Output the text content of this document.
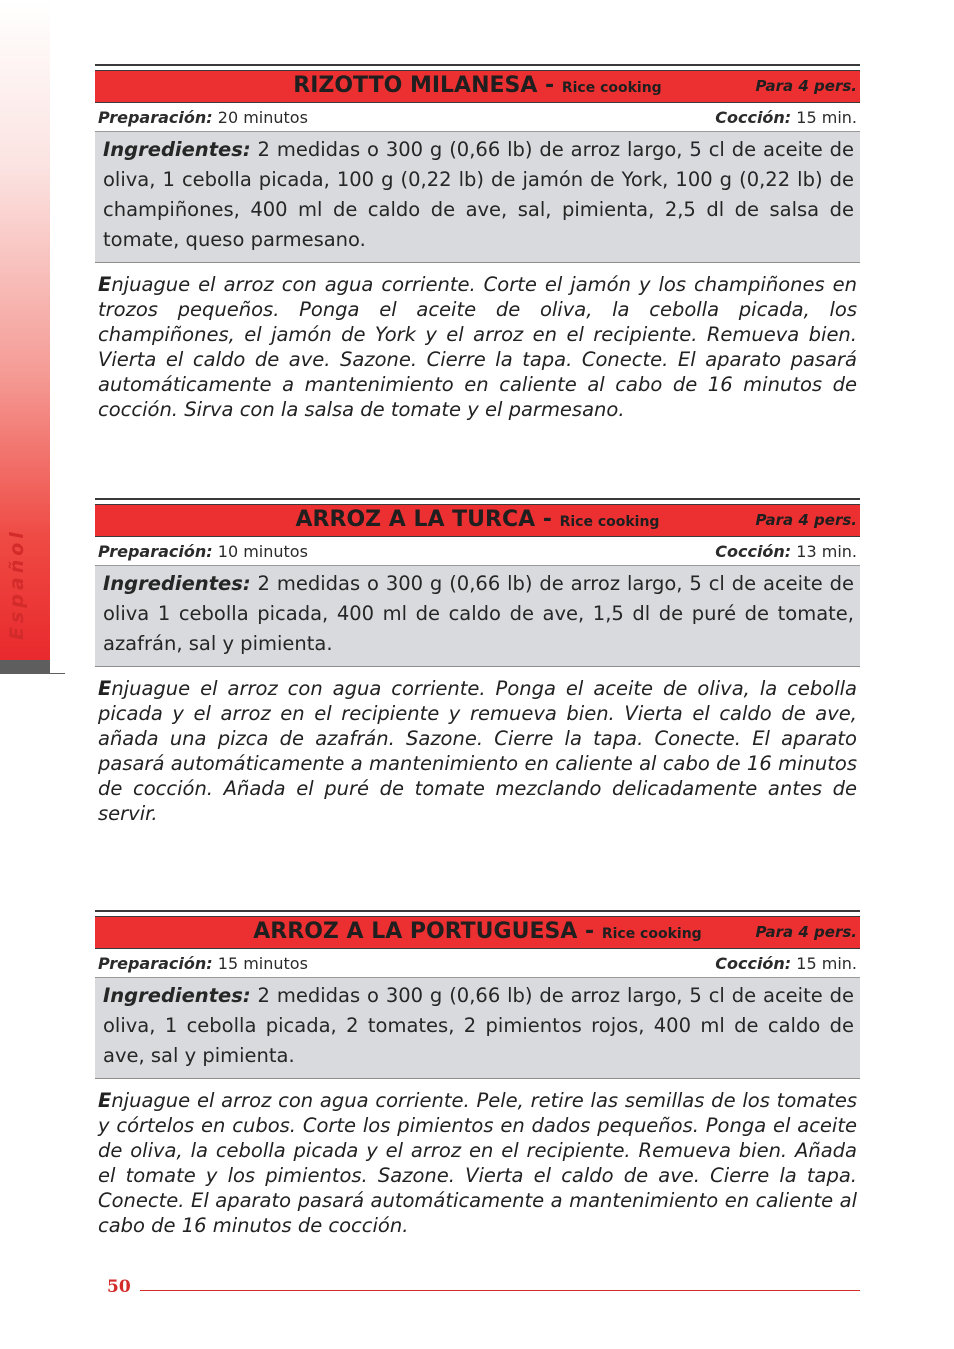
RIZOTTO MILANESA - Rice cooking	Para 4 pers.
Preparación: 20 minutos	Cocción: 15 min.
Ingredientes: 2 medidas o 300 g (0,66 lb) de arroz largo, 5 cl de aceite de oliva, 1 cebolla picada, 100 g (0,22 lb) de jamón de York, 100 g (0,22 lb) de champiñones, 400 ml de caldo de ave, sal, pimienta, 2,5 dl de salsa de tomate, queso parmesano.
Enjuague el arroz con agua corriente. Corte el jamón y los champiñones en trozos pequeños. Ponga el aceite de oliva, la cebolla picada, los champiñones, el jamón de York y el arroz en el recipiente. Remueva bien. Vierta el caldo de ave. Sazone. Cierre la tapa. Conecte. El aparato pasará automáticamente a mantenimiento en caliente al cabo de 16 minutos de cocción. Sirva con la salsa de tomate y el parmesano.
ARROZ A LA TURCA - Rice cooking	Para 4 pers.
Preparación: 10 minutos	Cocción: 13 min.
Ingredientes: 2 medidas o 300 g (0,66 lb) de arroz largo, 5 cl de aceite de oliva 1 cebolla picada, 400 ml de caldo de ave, 1,5 dl de puré de tomate, azafrán, sal y pimienta.
Enjuague el arroz con agua corriente. Ponga el aceite de oliva, la cebolla picada y el arroz en el recipiente y remueva bien. Vierta el caldo de ave, añada una pizca de azafrán. Sazone. Cierre la tapa. Conecte. El aparato pasará automáticamente a mantenimiento en caliente al cabo de 16 minutos de cocción. Añada el puré de tomate mezclando delicadamente antes de servir.
ARROZ A LA PORTUGUESA - Rice cooking	Para 4 pers.
Preparación: 15 minutos	Cocción: 15 min.
Ingredientes: 2 medidas o 300 g (0,66 lb) de arroz largo, 5 cl de aceite de oliva, 1 cebolla picada, 2 tomates, 2 pimientos rojos, 400 ml de caldo de ave, sal y pimienta.
Enjuague el arroz con agua corriente. Pele, retire las semillas de los tomates y córtelos en cubos. Corte los pimientos en dados pequeños. Ponga el aceite de oliva, la cebolla picada y el arroz en el recipiente. Remueva bien. Añada el tomate y los pimientos. Sazone. Vierta el caldo de ave. Cierre la tapa. Conecte. El aparato pasará automáticamente a mantenimiento en caliente al cabo de 16 minutos de cocción.
50
